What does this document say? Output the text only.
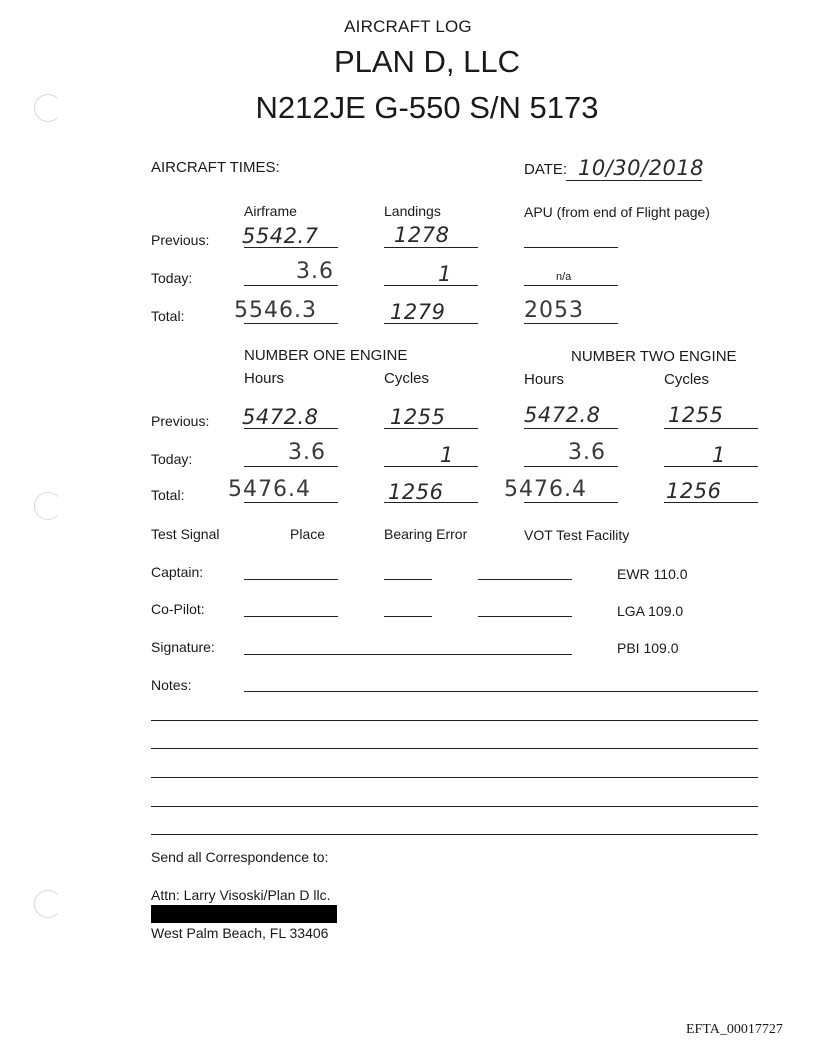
AIRCRAFT LOG
PLAN D, LLC
N212JE G-550 S/N 5173
AIRCRAFT TIMES:	DATE: 10/30/2018
Airframe	Landings	APU (from end of Flight page)
Previous: 5542.7	1278
Today:	3.6	1	n/a
Total: 5546.3	1279	2053
NUMBER ONE ENGINE	NUMBER TWO ENGINE
Hours	Cycles	Hours	Cycles
Previous: 5472.8	1255	5472.8	1255
Today:	3.6	1	3.6	1
Total: 5476.4	1256	5476.4	1256
Test Signal	Place	Bearing Error	VOT Test Facility
Captain:	EWR 110.0
Co-Pilot:	LGA 109.0
Signature:	PBI 109.0
Notes:
Send all Correspondence to:
Attn: Larry Visoski/Plan D llc.
West Palm Beach, FL 33406
EFTA_00017727
